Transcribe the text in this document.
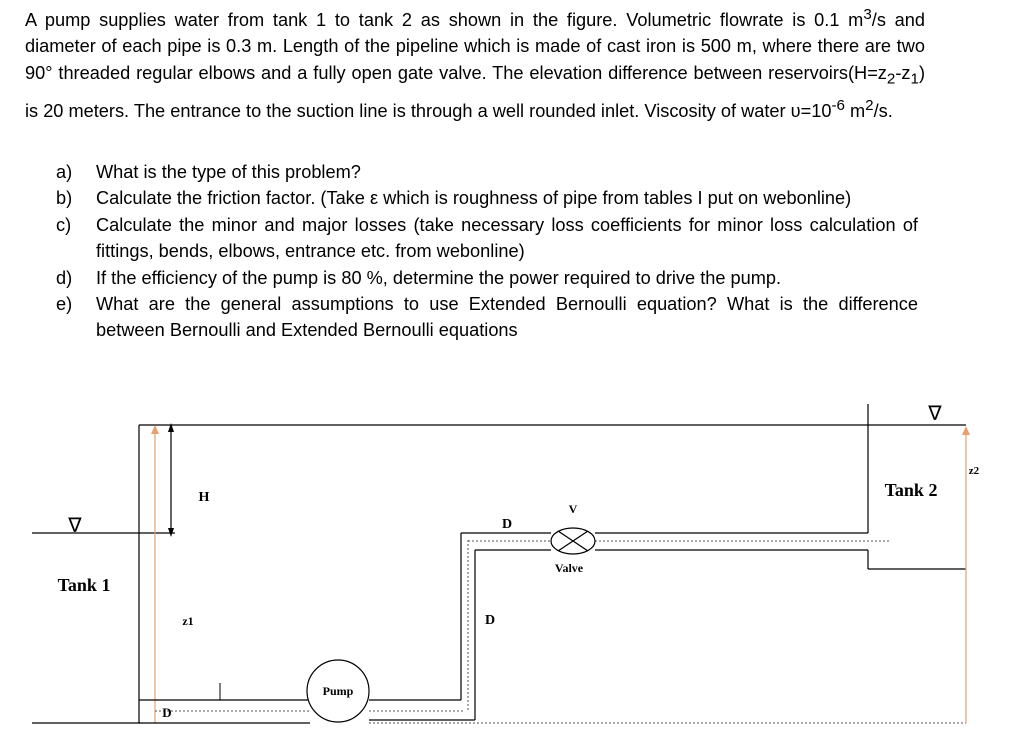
A pump supplies water from tank 1 to tank 2 as shown in the figure. Volumetric flowrate is 0.1 $m^3/s$ and diameter of each pipe is 0.3 m. Length of the pipeline which is made of cast iron is 500 m, where there are two 90° threaded regular elbows and a fully open gate valve. The elevation difference between $reservoirs(H=z_2-z_1)$ is 20 meters. The entrance to the suction line is through a well rounded inlet. Viscosity of water $\upsilon=10^{-6}$ $m^2/s$.

a)	What is the type of this problem?
b)	Calculate the friction factor. (Take ε which is roughness of pipe from tables I put on webonline)
c)	Calculate the minor and major losses (take necessary loss coefficients for minor loss calculation of fittings, bends, elbows, entrance etc. from webonline)
d)	If the efficiency of the pump is 80 %, determine the power required to drive the pump.
e)	What are the general assumptions to use Extended Bernoulli equation? What is the difference between Bernoulli and Extended Bernoulli equations
∇
H
Tank 1
z1
D
Pump
D
D
V
Valve
∇
Tank 2
z2
